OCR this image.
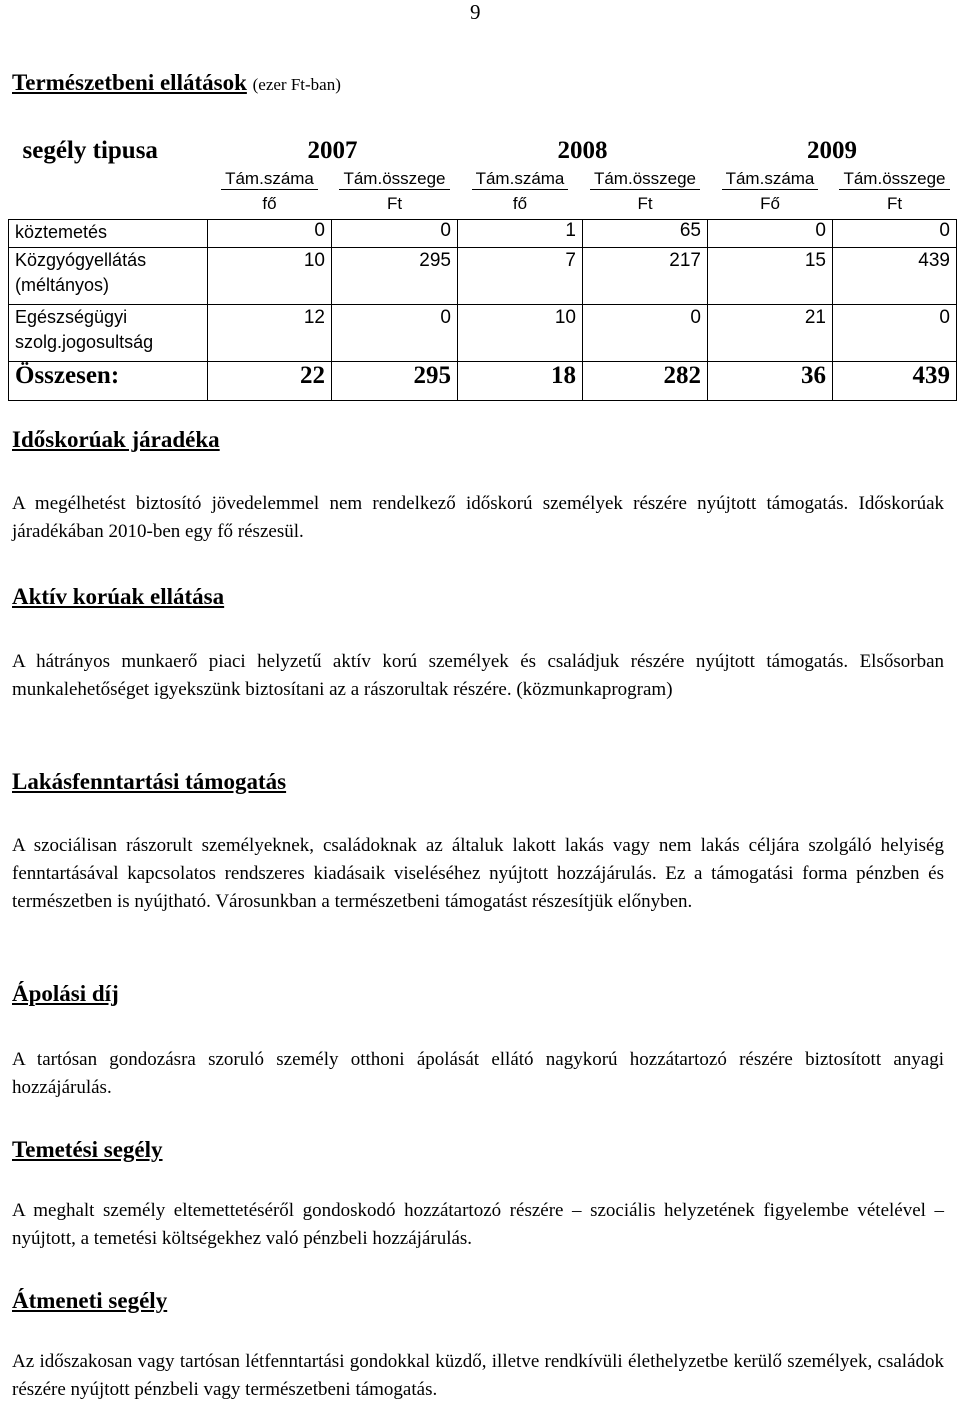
9
Természetbeni ellátások (ezer Ft-ban)
segély tipusa	2007		2008		2009	
	Tám.száma	Tám.összege	Tám.száma	Tám.összege	Tám.száma	Tám.összege
	fő	Ft	fő	Ft	Fő	Ft
köztemetés	0	0	1	65	0	0

Közgyógyellátás
(méltányos)	10	295	7	217	15	439

Egészségügyi
szolg.jogosultság	12	0	10	0	21	0
Összesen:	22	295	18	282	36	439
Időskorúak járadéka
A megélhetést biztosító jövedelemmel nem rendelkező időskorú személyek részére nyújtott támogatás. Időskorúak járadékában 2010-ben egy fő részesül.
Aktív korúak ellátása
A hátrányos munkaerő piaci helyzetű aktív korú személyek és családjuk részére nyújtott támogatás. Elsősorban munkalehetőséget igyekszünk biztosítani az a rászorultak részére. (közmunkaprogram)
Lakásfenntartási támogatás
A szociálisan rászorult személyeknek, családoknak az általuk lakott lakás vagy nem lakás céljára szolgáló helyiség fenntartásával kapcsolatos rendszeres kiadásaik viseléséhez nyújtott hozzájárulás. Ez a támogatási forma pénzben és természetben is nyújtható. Városunkban a természetbeni támogatást részesítjük előnyben.
Ápolási díj
A tartósan gondozásra szoruló személy otthoni ápolását ellátó nagykorú hozzátartozó részére biztosított anyagi hozzájárulás.
Temetési segély
A meghalt személy eltemettetéséről gondoskodó hozzátartozó részére – szociális helyzetének figyelembe vételével – nyújtott, a temetési költségekhez való pénzbeli hozzájárulás.
Átmeneti segély
Az időszakosan vagy tartósan létfenntartási gondokkal küzdő, illetve rendkívüli élethelyzetbe kerülő személyek, családok részére nyújtott pénzbeli vagy természetbeni támogatás.
